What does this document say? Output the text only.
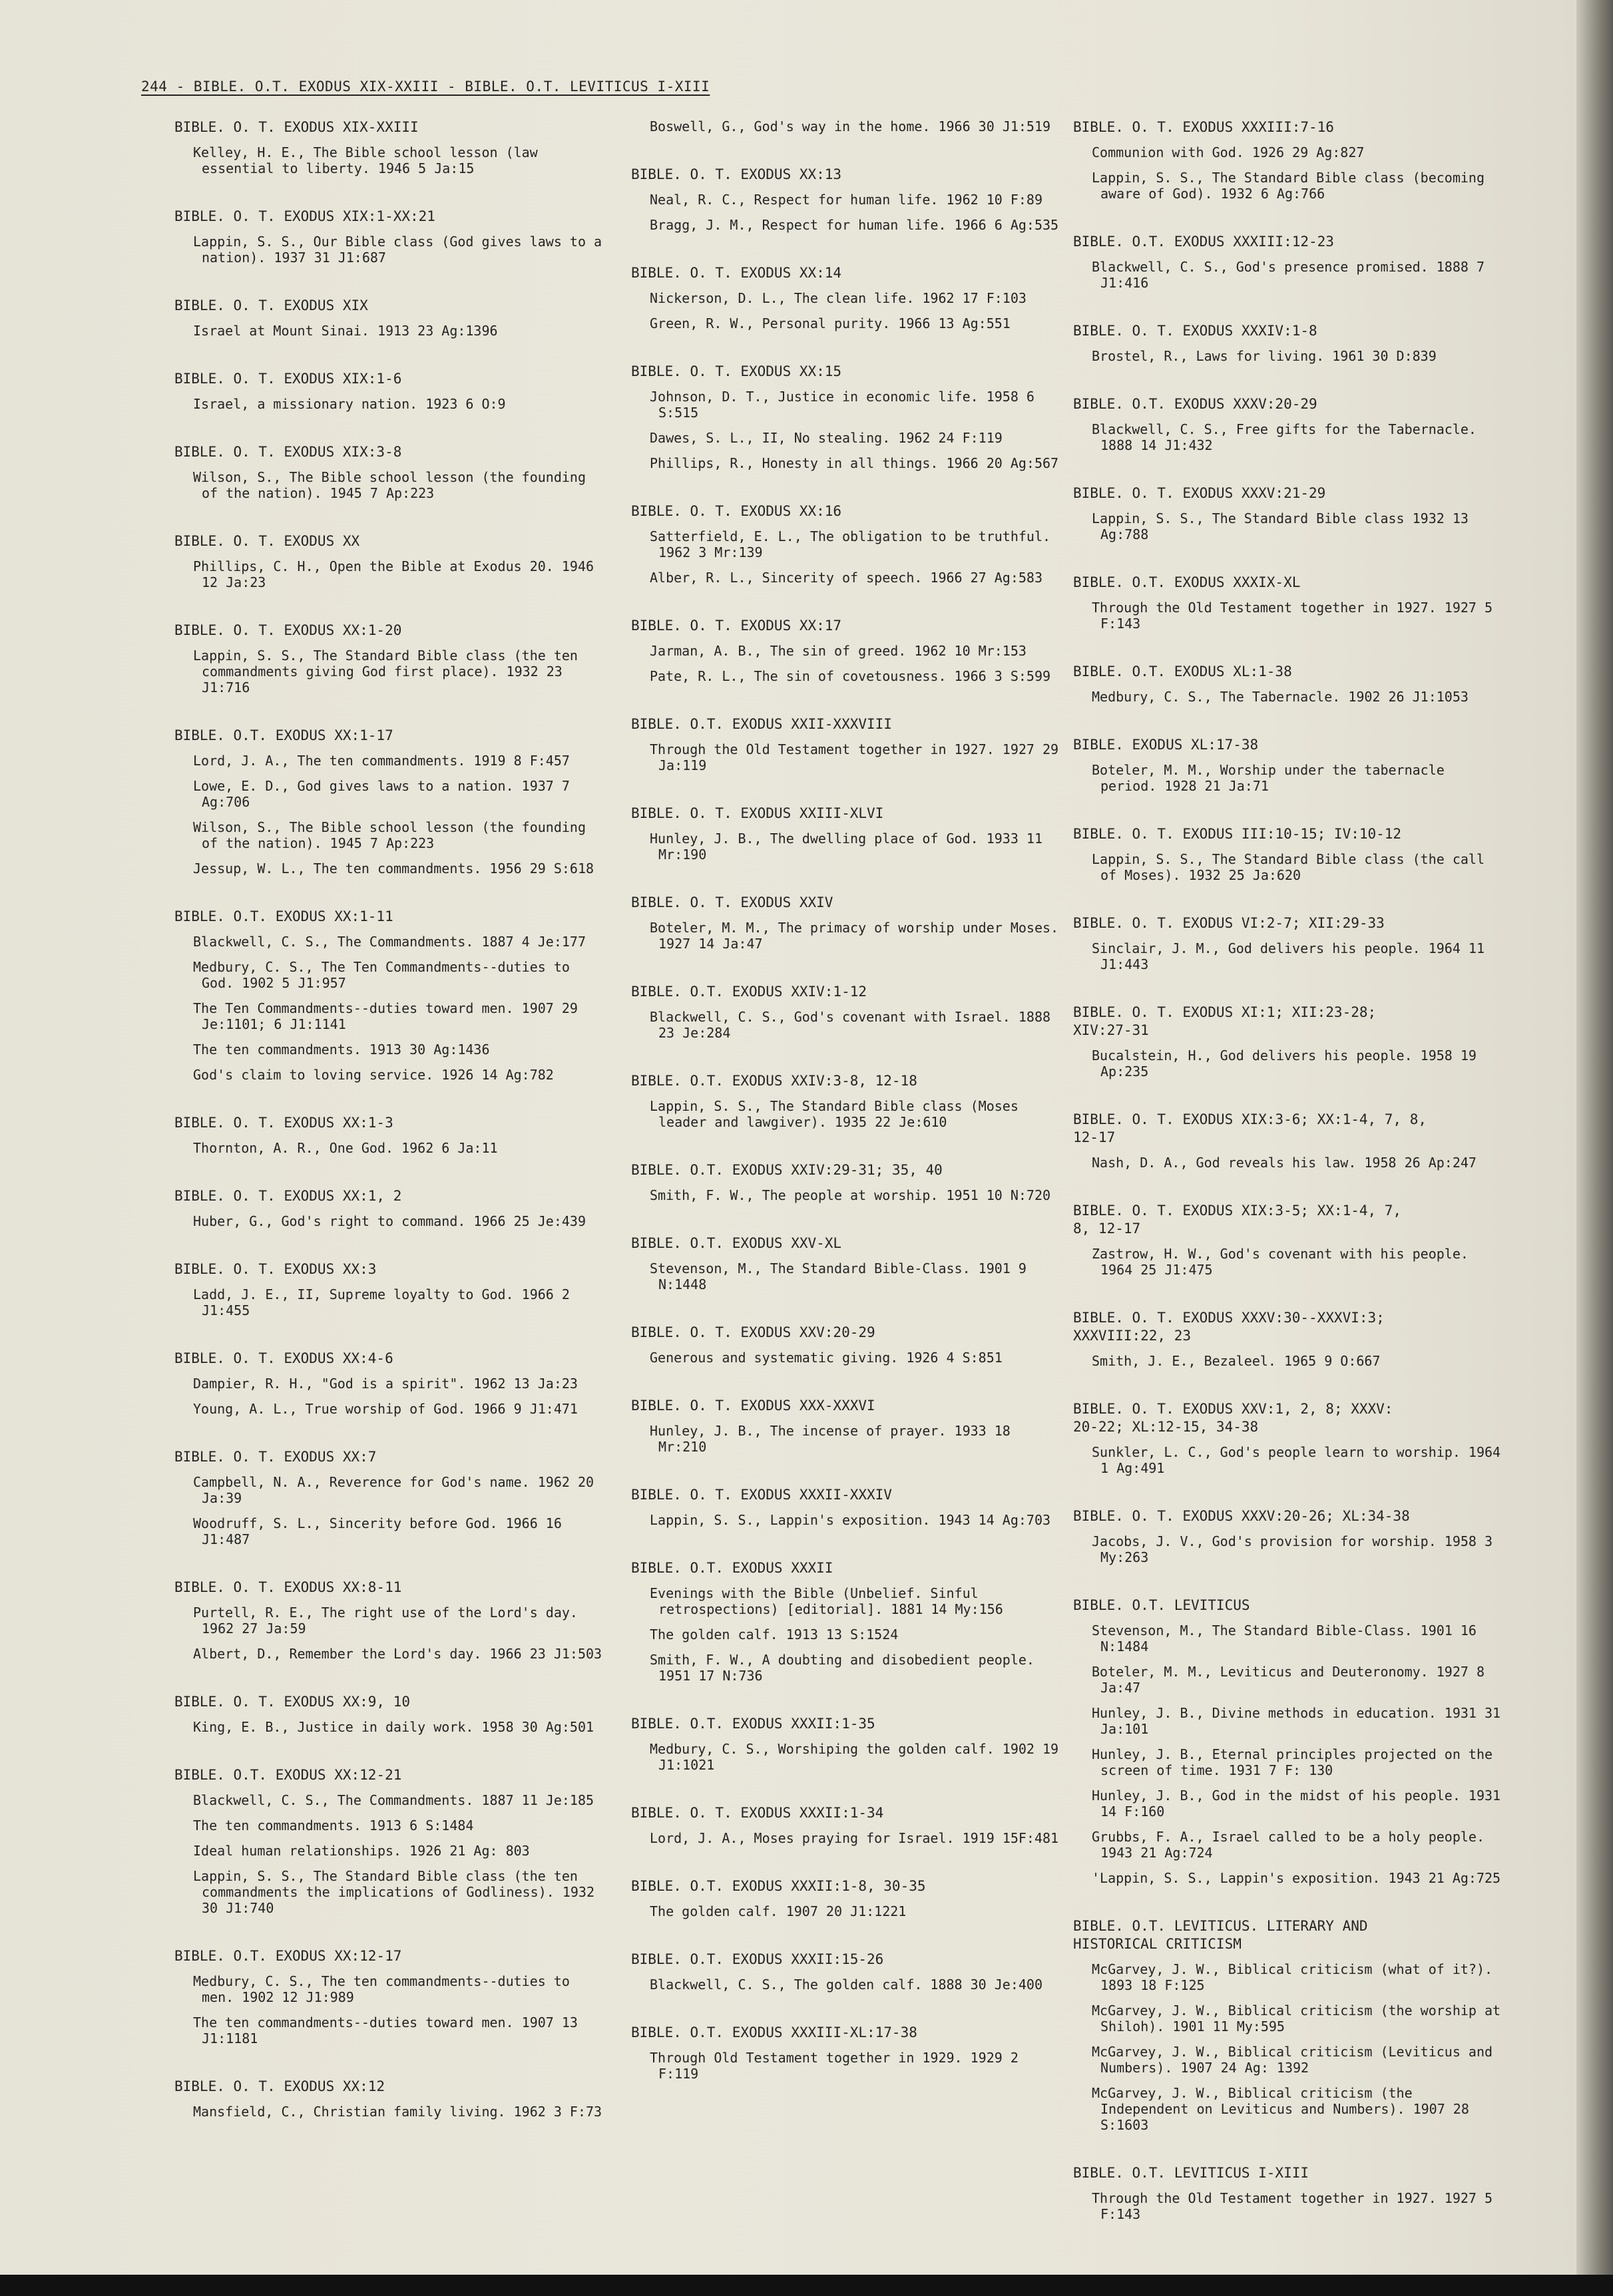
244 - BIBLE. O.T. EXODUS XIX-XXIII - BIBLE. O.T. LEVITICUS I-XIII
BIBLE. O. T. EXODUS XIX-XXIII
Kelley, H. E., The Bible school lesson (law essential to liberty. 1946 5 Ja:15
BIBLE. O. T. EXODUS XIX:1-XX:21
Lappin, S. S., Our Bible class (God gives laws to a nation). 1937 31 J1:687
BIBLE. O. T. EXODUS XIX
Israel at Mount Sinai. 1913 23 Ag:1396
BIBLE. O. T. EXODUS XIX:1-6
Israel, a missionary nation. 1923 6 O:9
BIBLE. O. T. EXODUS XIX:3-8
Wilson, S., The Bible school lesson (the founding of the nation). 1945 7 Ap:223
BIBLE. O. T. EXODUS XX
Phillips, C. H., Open the Bible at Exodus 20. 1946 12 Ja:23
BIBLE. O. T. EXODUS XX:1-20
Lappin, S. S., The Standard Bible class (the ten commandments giving God first place). 1932 23 J1:716
BIBLE. O.T. EXODUS XX:1-17
Lord, J. A., The ten commandments. 1919 8 F:457
Lowe, E. D., God gives laws to a nation. 1937 7 Ag:706
Wilson, S., The Bible school lesson (the founding of the nation). 1945 7 Ap:223
Jessup, W. L., The ten commandments. 1956 29 S:618
BIBLE. O.T. EXODUS XX:1-11
Blackwell, C. S., The Commandments. 1887 4 Je:177
Medbury, C. S., The Ten Commandments--duties to God. 1902 5 J1:957
The Ten Commandments--duties toward men. 1907 29 Je:1101; 6 J1:1141
The ten commandments. 1913 30 Ag:1436
God's claim to loving service. 1926 14 Ag:782
BIBLE. O. T. EXODUS XX:1-3
Thornton, A. R., One God. 1962 6 Ja:11
BIBLE. O. T. EXODUS XX:1, 2
Huber, G., God's right to command. 1966 25 Je:439
BIBLE. O. T. EXODUS XX:3
Ladd, J. E., II, Supreme loyalty to God. 1966 2 J1:455
BIBLE. O. T. EXODUS XX:4-6
Dampier, R. H., "God is a spirit". 1962 13 Ja:23
Young, A. L., True worship of God. 1966 9 J1:471
BIBLE. O. T. EXODUS XX:7
Campbell, N. A., Reverence for God's name. 1962 20 Ja:39
Woodruff, S. L., Sincerity before God. 1966 16 J1:487
BIBLE. O. T. EXODUS XX:8-11
Purtell, R. E., The right use of the Lord's day. 1962 27 Ja:59
Albert, D., Remember the Lord's day. 1966 23 J1:503
BIBLE. O. T. EXODUS XX:9, 10
King, E. B., Justice in daily work. 1958 30 Ag:501
BIBLE. O.T. EXODUS XX:12-21
Blackwell, C. S., The Commandments. 1887 11 Je:185
The ten commandments. 1913 6 S:1484
Ideal human relationships. 1926 21 Ag: 803
Lappin, S. S., The Standard Bible class (the ten commandments the implications of Godliness). 1932 30 J1:740
BIBLE. O.T. EXODUS XX:12-17
Medbury, C. S., The ten commandments--duties to men. 1902 12 J1:989
The ten commandments--duties toward men. 1907 13 J1:1181
BIBLE. O. T. EXODUS XX:12
Mansfield, C., Christian family living. 1962 3 F:73
Boswell, G., God's way in the home. 1966 30 J1:519
BIBLE. O. T. EXODUS XX:13
Neal, R. C., Respect for human life. 1962 10 F:89
Bragg, J. M., Respect for human life. 1966 6 Ag:535
BIBLE. O. T. EXODUS XX:14
Nickerson, D. L., The clean life. 1962 17 F:103
Green, R. W., Personal purity. 1966 13 Ag:551
BIBLE. O. T. EXODUS XX:15
Johnson, D. T., Justice in economic life. 1958 6 S:515
Dawes, S. L., II, No stealing. 1962 24 F:119
Phillips, R., Honesty in all things. 1966 20 Ag:567
BIBLE. O. T. EXODUS XX:16
Satterfield, E. L., The obligation to be truthful. 1962 3 Mr:139
Alber, R. L., Sincerity of speech. 1966 27 Ag:583
BIBLE. O. T. EXODUS XX:17
Jarman, A. B., The sin of greed. 1962 10 Mr:153
Pate, R. L., The sin of covetousness. 1966 3 S:599
BIBLE. O.T. EXODUS XXII-XXXVIII
Through the Old Testament together in 1927. 1927 29 Ja:119
BIBLE. O. T. EXODUS XXIII-XLVI
Hunley, J. B., The dwelling place of God. 1933 11 Mr:190
BIBLE. O. T. EXODUS XXIV
Boteler, M. M., The primacy of worship under Moses. 1927 14 Ja:47
BIBLE. O.T. EXODUS XXIV:1-12
Blackwell, C. S., God's covenant with Israel. 1888 23 Je:284
BIBLE. O.T. EXODUS XXIV:3-8, 12-18
Lappin, S. S., The Standard Bible class (Moses leader and lawgiver). 1935 22 Je:610
BIBLE. O.T. EXODUS XXIV:29-31; 35, 40
Smith, F. W., The people at worship. 1951 10 N:720
BIBLE. O.T. EXODUS XXV-XL
Stevenson, M., The Standard Bible-Class. 1901 9 N:1448
BIBLE. O. T. EXODUS XXV:20-29
Generous and systematic giving. 1926 4 S:851
BIBLE. O. T. EXODUS XXX-XXXVI
Hunley, J. B., The incense of prayer. 1933 18 Mr:210
BIBLE. O. T. EXODUS XXXII-XXXIV
Lappin, S. S., Lappin's exposition. 1943 14 Ag:703
BIBLE. O.T. EXODUS XXXII
Evenings with the Bible (Unbelief. Sinful retrospections) [editorial]. 1881 14 My:156
The golden calf. 1913 13 S:1524
Smith, F. W., A doubting and disobedient people. 1951 17 N:736
BIBLE. O.T. EXODUS XXXII:1-35
Medbury, C. S., Worshiping the golden calf. 1902 19 J1:1021
BIBLE. O. T. EXODUS XXXII:1-34
Lord, J. A., Moses praying for Israel. 1919 15F:481
BIBLE. O.T. EXODUS XXXII:1-8, 30-35
The golden calf. 1907 20 J1:1221
BIBLE. O.T. EXODUS XXXII:15-26
Blackwell, C. S., The golden calf. 1888 30 Je:400
BIBLE. O.T. EXODUS XXXIII-XL:17-38
Through Old Testament together in 1929. 1929 2 F:119
BIBLE. O. T. EXODUS XXXIII:7-16
Communion with God. 1926 29 Ag:827
Lappin, S. S., The Standard Bible class (becoming aware of God). 1932 6 Ag:766
BIBLE. O.T. EXODUS XXXIII:12-23
Blackwell, C. S., God's presence promised. 1888 7 J1:416
BIBLE. O. T. EXODUS XXXIV:1-8
Brostel, R., Laws for living. 1961 30 D:839
BIBLE. O.T. EXODUS XXXV:20-29
Blackwell, C. S., Free gifts for the Tabernacle. 1888 14 J1:432
BIBLE. O. T. EXODUS XXXV:21-29
Lappin, S. S., The Standard Bible class 1932 13 Ag:788
BIBLE. O.T. EXODUS XXXIX-XL
Through the Old Testament together in 1927. 1927 5 F:143
BIBLE. O.T. EXODUS XL:1-38
Medbury, C. S., The Tabernacle. 1902 26 J1:1053
BIBLE. EXODUS XL:17-38
Boteler, M. M., Worship under the tabernacle period. 1928 21 Ja:71
BIBLE. O. T. EXODUS III:10-15; IV:10-12
Lappin, S. S., The Standard Bible class (the call of Moses). 1932 25 Ja:620
BIBLE. O. T. EXODUS VI:2-7; XII:29-33
Sinclair, J. M., God delivers his people. 1964 11 J1:443
BIBLE. O. T. EXODUS XI:1; XII:23-28;
XIV:27-31
Bucalstein, H., God delivers his people. 1958 19 Ap:235
BIBLE. O. T. EXODUS XIX:3-6; XX:1-4, 7, 8,
12-17
Nash, D. A., God reveals his law. 1958 26 Ap:247
BIBLE. O. T. EXODUS XIX:3-5; XX:1-4, 7,
8, 12-17
Zastrow, H. W., God's covenant with his people. 1964 25 J1:475
BIBLE. O. T. EXODUS XXXV:30--XXXVI:3;
XXXVIII:22, 23
Smith, J. E., Bezaleel. 1965 9 O:667
BIBLE. O. T. EXODUS XXV:1, 2, 8; XXXV:
20-22; XL:12-15, 34-38
Sunkler, L. C., God's people learn to worship. 1964 1 Ag:491
BIBLE. O. T. EXODUS XXXV:20-26; XL:34-38
Jacobs, J. V., God's provision for worship. 1958 3 My:263
BIBLE. O.T. LEVITICUS
Stevenson, M., The Standard Bible-Class. 1901 16 N:1484
Boteler, M. M., Leviticus and Deuteronomy. 1927 8 Ja:47
Hunley, J. B., Divine methods in education. 1931 31 Ja:101
Hunley, J. B., Eternal principles projected on the screen of time. 1931 7 F: 130
Hunley, J. B., God in the midst of his people. 1931 14 F:160
Grubbs, F. A., Israel called to be a holy people. 1943 21 Ag:724
'Lappin, S. S., Lappin's exposition. 1943 21 Ag:725
BIBLE. O.T. LEVITICUS. LITERARY AND
HISTORICAL CRITICISM
McGarvey, J. W., Biblical criticism (what of it?). 1893 18 F:125
McGarvey, J. W., Biblical criticism (the worship at Shiloh). 1901 11 My:595
McGarvey, J. W., Biblical criticism (Leviticus and Numbers). 1907 24 Ag: 1392
McGarvey, J. W., Biblical criticism (the Independent on Leviticus and Numbers). 1907 28 S:1603
BIBLE. O.T. LEVITICUS I-XIII
Through the Old Testament together in 1927. 1927 5 F:143
